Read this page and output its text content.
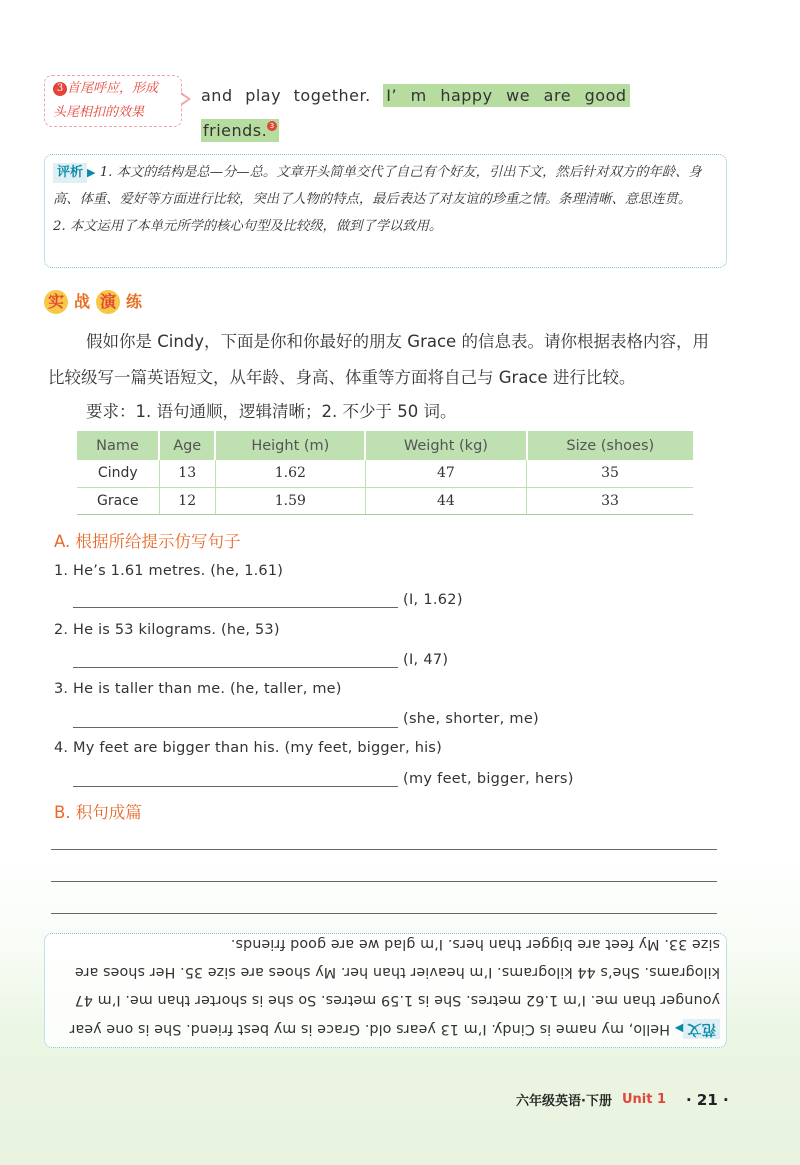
3 首尾呼应，形成
头尾相扣的效果
and play together. I’ m happy we are good
friends. 3
评析 ▶ 1. 本文的结构是总—分—总。文章开头简单交代了自己有个好友，引出下文，然后针对双方的年龄、身高、体重、爱好等方面进行比较，突出了人物的特点，最后表达了对友谊的珍重之情。条理清晰、意思连贯。
2. 本文运用了本单元所学的核心句型及比较级，做到了学以致用。
实 战 演 练
假如你是 Cindy，下面是你和你最好的朋友 Grace 的信息表。请你根据表格内容，用
比较级写一篇英语短文，从年龄、身高、体重等方面将自己与 Grace 进行比较。
要求：1. 语句通顺，逻辑清晰；2. 不少于 50 词。
Name	Age	Height (m)	Weight (kg)	Size (shoes)
Cindy	13	1.62	47	35
Grace	12	1.59	44	33
A. 根据所给提示仿写句子
1. He’s 1.61 metres. (he, 1.61)
(I, 1.62)
2. He is 53 kilograms. (he, 53)
(I, 47)
3. He is taller than me. (he, taller, me)
(she, shorter, me)
4. My feet are bigger than his. (my feet, bigger, his)
(my feet, bigger, hers)
B. 积句成篇
范文▶ Hello, my name is Cindy. I’m 13 years old. Grace is my best friend. She is one year younger than me. I’m 1.62 metres. She is 1.59 metres. So she is shorter than me. I’m 47 kilograms. She’s 44 kilograms. I’m heavier than her. My shoes are size 35. Her shoes are size 33. My feet are bigger than hers. I’m glad we are good friends.
六年级英语·下册 Unit 1 · 21 ·
